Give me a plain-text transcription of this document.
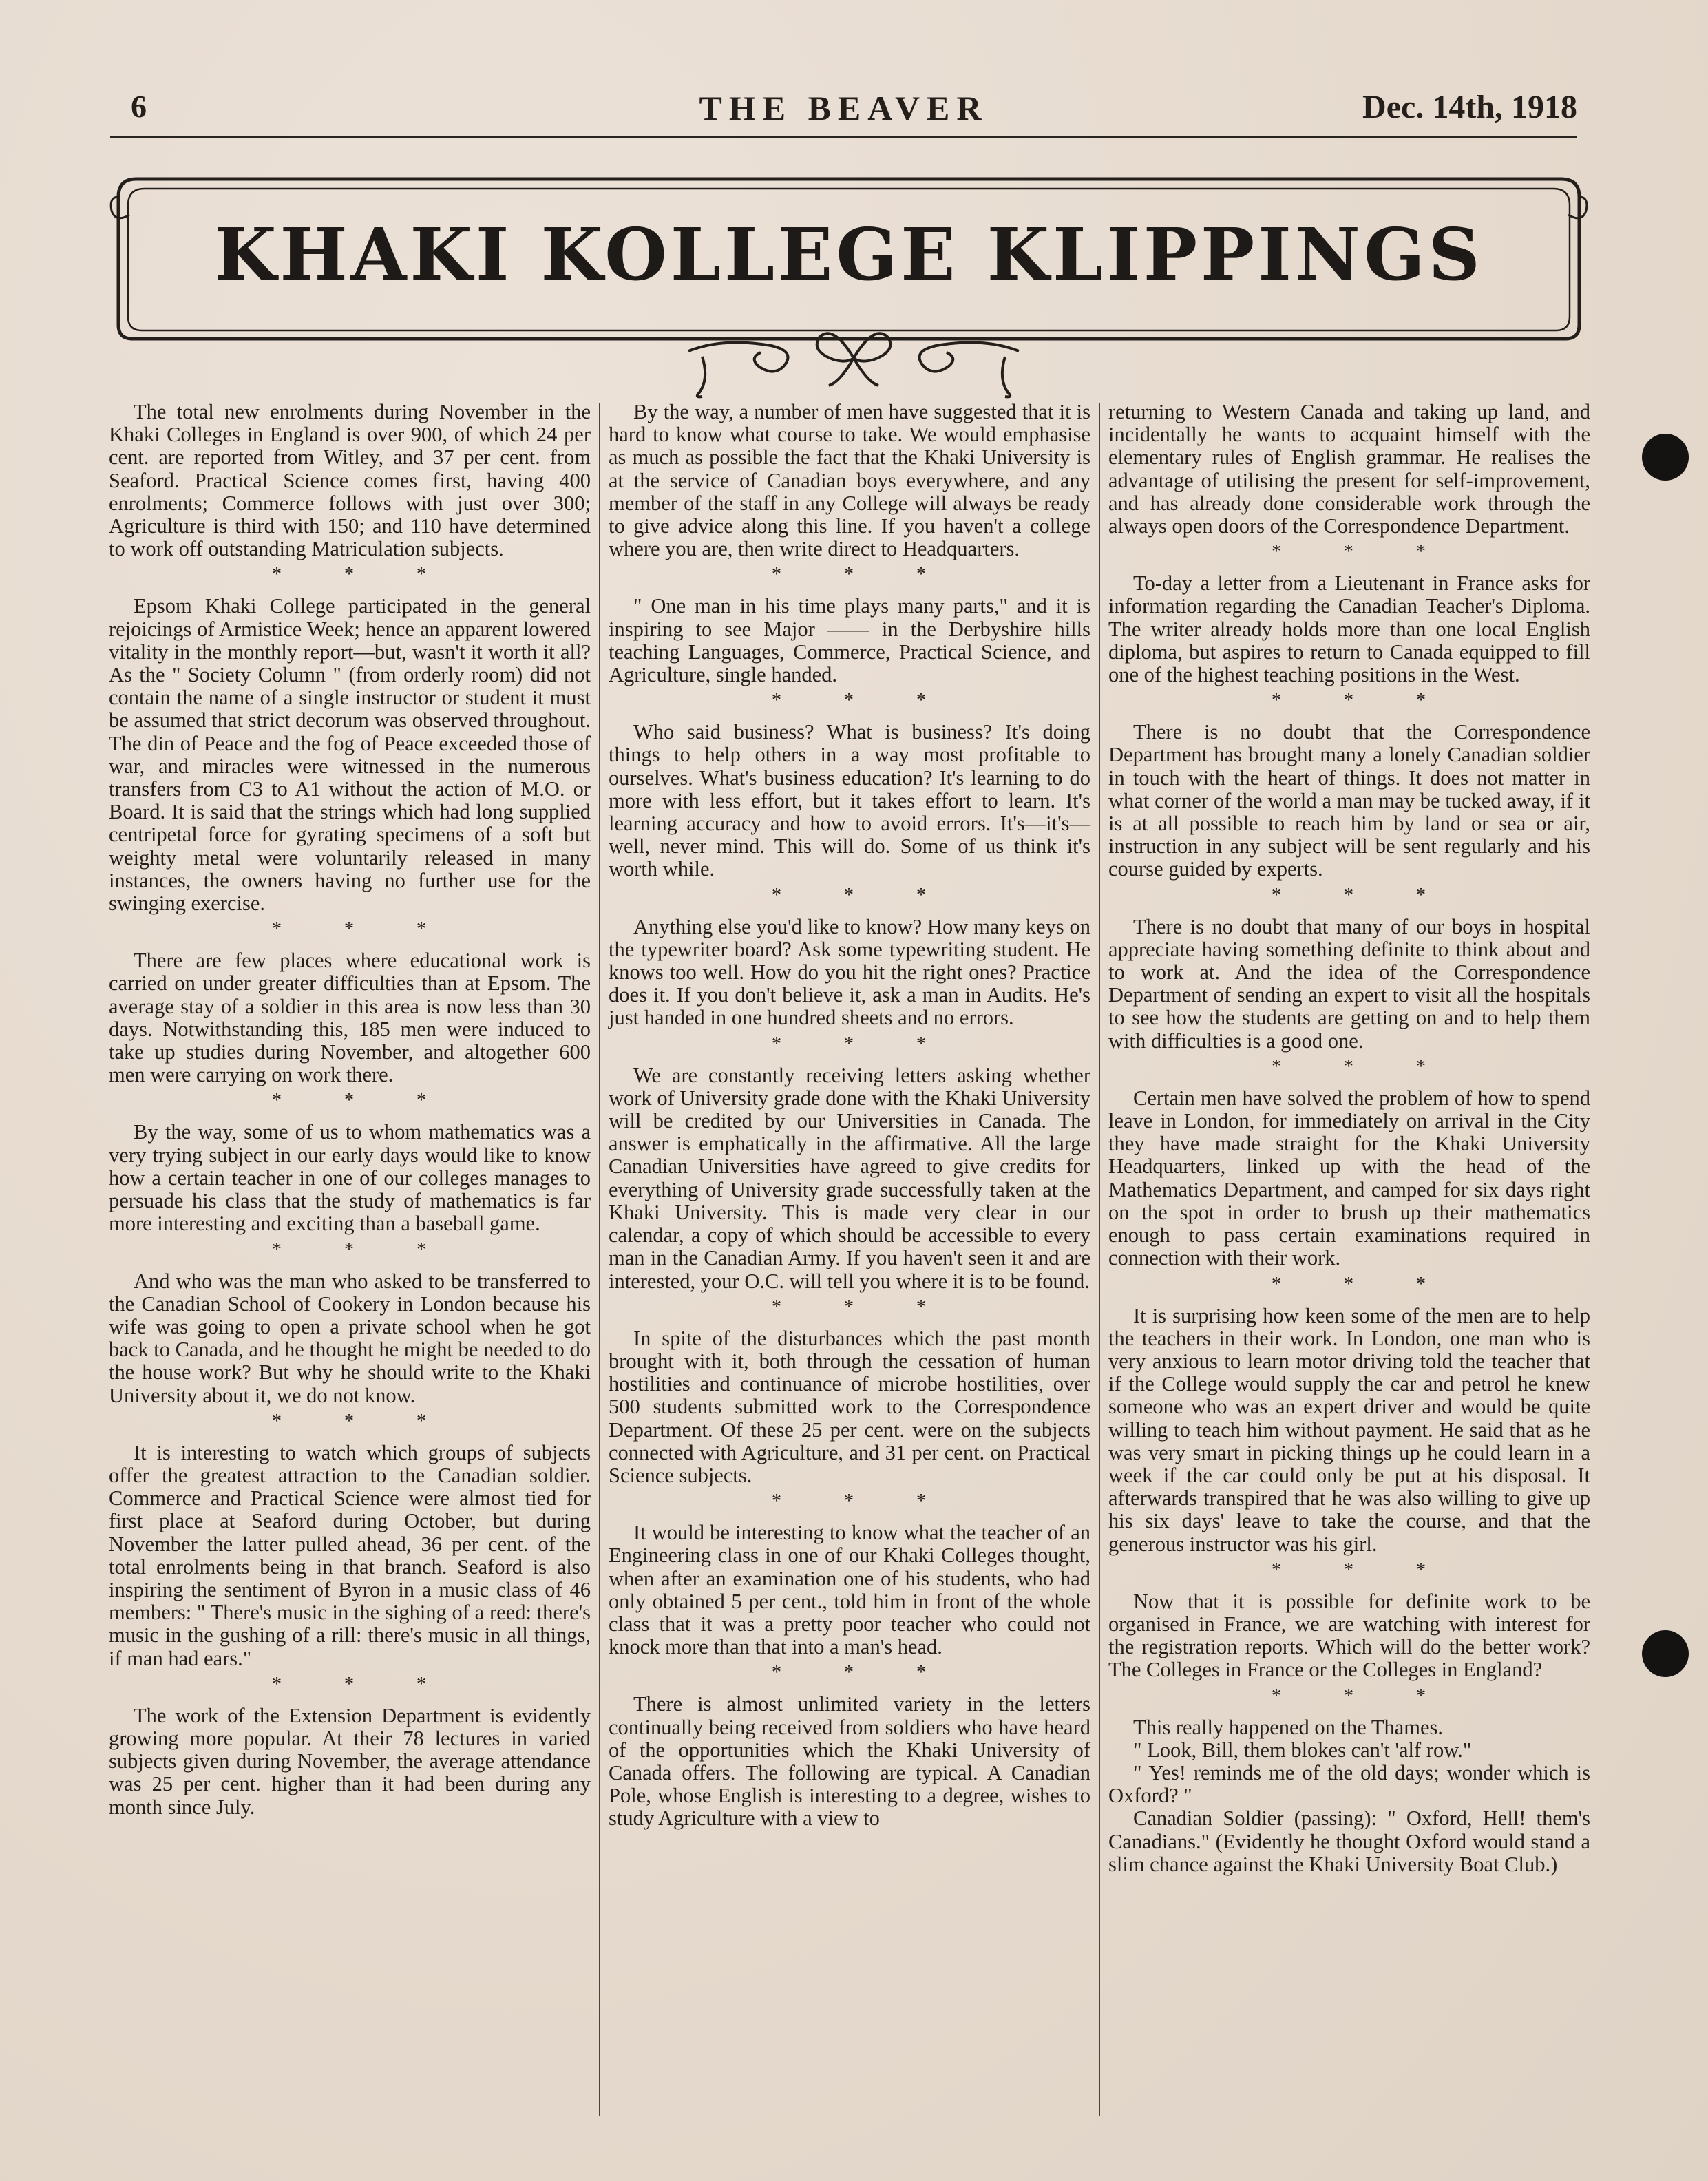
6	THE BEAVER	Dec. 14th, 1918
KHAKI KOLLEGE KLIPPINGS

The total new enrolments during November in the Khaki Colleges in England is over 900, of which 24 per cent. are reported from Witley, and 37 per cent. from Seaford. Practical Science comes first, having 400 enrolments; Commerce follows with just over 300; Agriculture is third with 150; and 110 have determined to work off outstanding Matriculation subjects.

* * *

Epsom Khaki College participated in the general rejoicings of Armistice Week; hence an apparent lowered vitality in the monthly report—but, wasn't it worth it all? As the " Society Column " (from orderly room) did not contain the name of a single instructor or student it must be assumed that strict decorum was observed throughout. The din of Peace and the fog of Peace exceeded those of war, and miracles were witnessed in the numerous transfers from C3 to A1 without the action of M.O. or Board. It is said that the strings which had long supplied centripetal force for gyrating specimens of a soft but weighty metal were voluntarily released in many instances, the owners having no further use for the swinging exercise.

* * *

There are few places where educational work is carried on under greater difficulties than at Epsom. The average stay of a soldier in this area is now less than 30 days. Notwithstanding this, 185 men were induced to take up studies during November, and altogether 600 men were carrying on work there.

* * *

By the way, some of us to whom mathematics was a very trying subject in our early days would like to know how a certain teacher in one of our colleges manages to persuade his class that the study of mathematics is far more interesting and exciting than a baseball game.

* * *

And who was the man who asked to be transferred to the Canadian School of Cookery in London because his wife was going to open a private school when he got back to Canada, and he thought he might be needed to do the house work? But why he should write to the Khaki University about it, we do not know.

* * *

It is interesting to watch which groups of subjects offer the greatest attraction to the Canadian soldier. Commerce and Practical Science were almost tied for first place at Seaford during October, but during November the latter pulled ahead, 36 per cent. of the total enrolments being in that branch. Seaford is also inspiring the sentiment of Byron in a music class of 46 members: " There's music in the sighing of a reed: there's music in the gushing of a rill: there's music in all things, if man had ears."

* * *

The work of the Extension Department is evidently growing more popular. At their 78 lectures in varied subjects given during November, the average attendance was 25 per cent. higher than it had been during any month since July.

By the way, a number of men have suggested that it is hard to know what course to take. We would emphasise as much as possible the fact that the Khaki University is at the service of Canadian boys everywhere, and any member of the staff in any College will always be ready to give advice along this line. If you haven't a college where you are, then write direct to Headquarters.

* * *

" One man in his time plays many parts," and it is inspiring to see Major —— in the Derbyshire hills teaching Languages, Commerce, Practical Science, and Agriculture, single handed.

* * *

Who said business? What is business? It's doing things to help others in a way most profitable to ourselves. What's business education? It's learning to do more with less effort, but it takes effort to learn. It's learning accuracy and how to avoid errors. It's—it's—well, never mind. This will do. Some of us think it's worth while.

* * *

Anything else you'd like to know? How many keys on the typewriter board? Ask some typewriting student. He knows too well. How do you hit the right ones? Practice does it. If you don't believe it, ask a man in Audits. He's just handed in one hundred sheets and no errors.

* * *

We are constantly receiving letters asking whether work of University grade done with the Khaki University will be credited by our Universities in Canada. The answer is emphatically in the affirmative. All the large Canadian Universities have agreed to give credits for everything of University grade successfully taken at the Khaki University. This is made very clear in our calendar, a copy of which should be accessible to every man in the Canadian Army. If you haven't seen it and are interested, your O.C. will tell you where it is to be found.

* * *

In spite of the disturbances which the past month brought with it, both through the cessation of human hostilities and continuance of microbe hostilities, over 500 students submitted work to the Correspondence Department. Of these 25 per cent. were on the subjects connected with Agriculture, and 31 per cent. on Practical Science subjects.

* * *

It would be interesting to know what the teacher of an Engineering class in one of our Khaki Colleges thought, when after an examination one of his students, who had only obtained 5 per cent., told him in front of the whole class that it was a pretty poor teacher who could not knock more than that into a man's head.

* * *

There is almost unlimited variety in the letters continually being received from soldiers who have heard of the opportunities which the Khaki University of Canada offers. The following are typical. A Canadian Pole, whose English is interesting to a degree, wishes to study Agriculture with a view to

returning to Western Canada and taking up land, and incidentally he wants to acquaint himself with the elementary rules of English grammar. He realises the advantage of utilising the present for self-improvement, and has already done considerable work through the always open doors of the Correspondence Department.

* * *

To-day a letter from a Lieutenant in France asks for information regarding the Canadian Teacher's Diploma. The writer already holds more than one local English diploma, but aspires to return to Canada equipped to fill one of the highest teaching positions in the West.

* * *

There is no doubt that the Correspondence Department has brought many a lonely Canadian soldier in touch with the heart of things. It does not matter in what corner of the world a man may be tucked away, if it is at all possible to reach him by land or sea or air, instruction in any subject will be sent regularly and his course guided by experts.

* * *

There is no doubt that many of our boys in hospital appreciate having something definite to think about and to work at. And the idea of the Correspondence Department of sending an expert to visit all the hospitals to see how the students are getting on and to help them with difficulties is a good one.

* * *

Certain men have solved the problem of how to spend leave in London, for immediately on arrival in the City they have made straight for the Khaki University Headquarters, linked up with the head of the Mathematics Department, and camped for six days right on the spot in order to brush up their mathematics enough to pass certain examinations required in connection with their work.

* * *

It is surprising how keen some of the men are to help the teachers in their work. In London, one man who is very anxious to learn motor driving told the teacher that if the College would supply the car and petrol he knew someone who was an expert driver and would be quite willing to teach him without payment. He said that as he was very smart in picking things up he could learn in a week if the car could only be put at his disposal. It afterwards transpired that he was also willing to give up his six days' leave to take the course, and that the generous instructor was his girl.

* * *

Now that it is possible for definite work to be organised in France, we are watching with interest for the registration reports. Which will do the better work? The Colleges in France or the Colleges in England?

* * *

This really happened on the Thames.

" Look, Bill, them blokes can't 'alf row."

" Yes! reminds me of the old days; wonder which is Oxford? "

Canadian Soldier (passing): " Oxford, Hell! them's Canadians." (Evidently he thought Oxford would stand a slim chance against the Khaki University Boat Club.)
